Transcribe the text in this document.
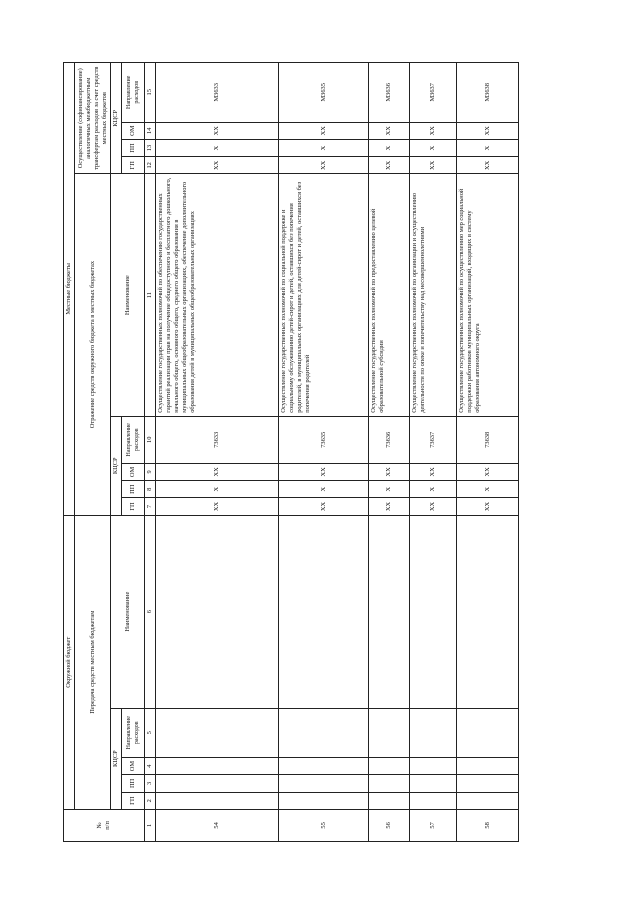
№
п/п	Окружной бюджет					Местные бюджеты								
	Передача средств местным бюджетам					Отражение средств окружного бюджета в местных бюджетах					Осуществление (софинансирование) аналогичных межбюджетным трансфертам расходов за счет средств местных бюджетов			
	КЦСР				Наименование	КЦСР				Наименование	КЦСР			
	ГП	ПП	ОМ	Направление расходов		ГП	ПП	ОМ	Направление расходов		ГП	ПП	ОМ	Направление расходов
1	2	3	4	5	6	7	8	9	10	11	12	13	14	15
54						ХХ	Х	ХХ	73633	Осуществление государственных полномочий по обеспечению государственных гарантий реализации прав на получение общедоступного и бесплатного дошкольного, начального общего, основного общего, среднего общего образования в муниципальных общеобразовательных организациях, обеспечение дополнительного образования детей в муниципальных общеобразовательных организациях	ХХ	Х	ХХ	М3633
55						ХХ	Х	ХХ	73635	Осуществление государственных полномочий по социальной поддержке и социальному обслуживанию детей-сирот и детей, оставшихся без попечения родителей, в муниципальных организациях для детей-сирот и детей, оставшихся без попечения родителей	ХХ	Х	ХХ	М3635
56						ХХ	Х	ХХ	73636	Осуществление государственных полномочий по предоставлению целевой образовательной субсидии	ХХ	Х	ХХ	М3636
57						ХХ	Х	ХХ	73637	Осуществление государственных полномочий по организации и осуществлению деятельности по опеке и попечительству над несовершеннолетними	ХХ	Х	ХХ	М3637
58						ХХ	Х	ХХ	73638	Осуществление государственных полномочий по осуществлению мер социальной поддержки работников муниципальных организаций, входящих в систему образования автономного округа	ХХ	Х	ХХ	М3638
